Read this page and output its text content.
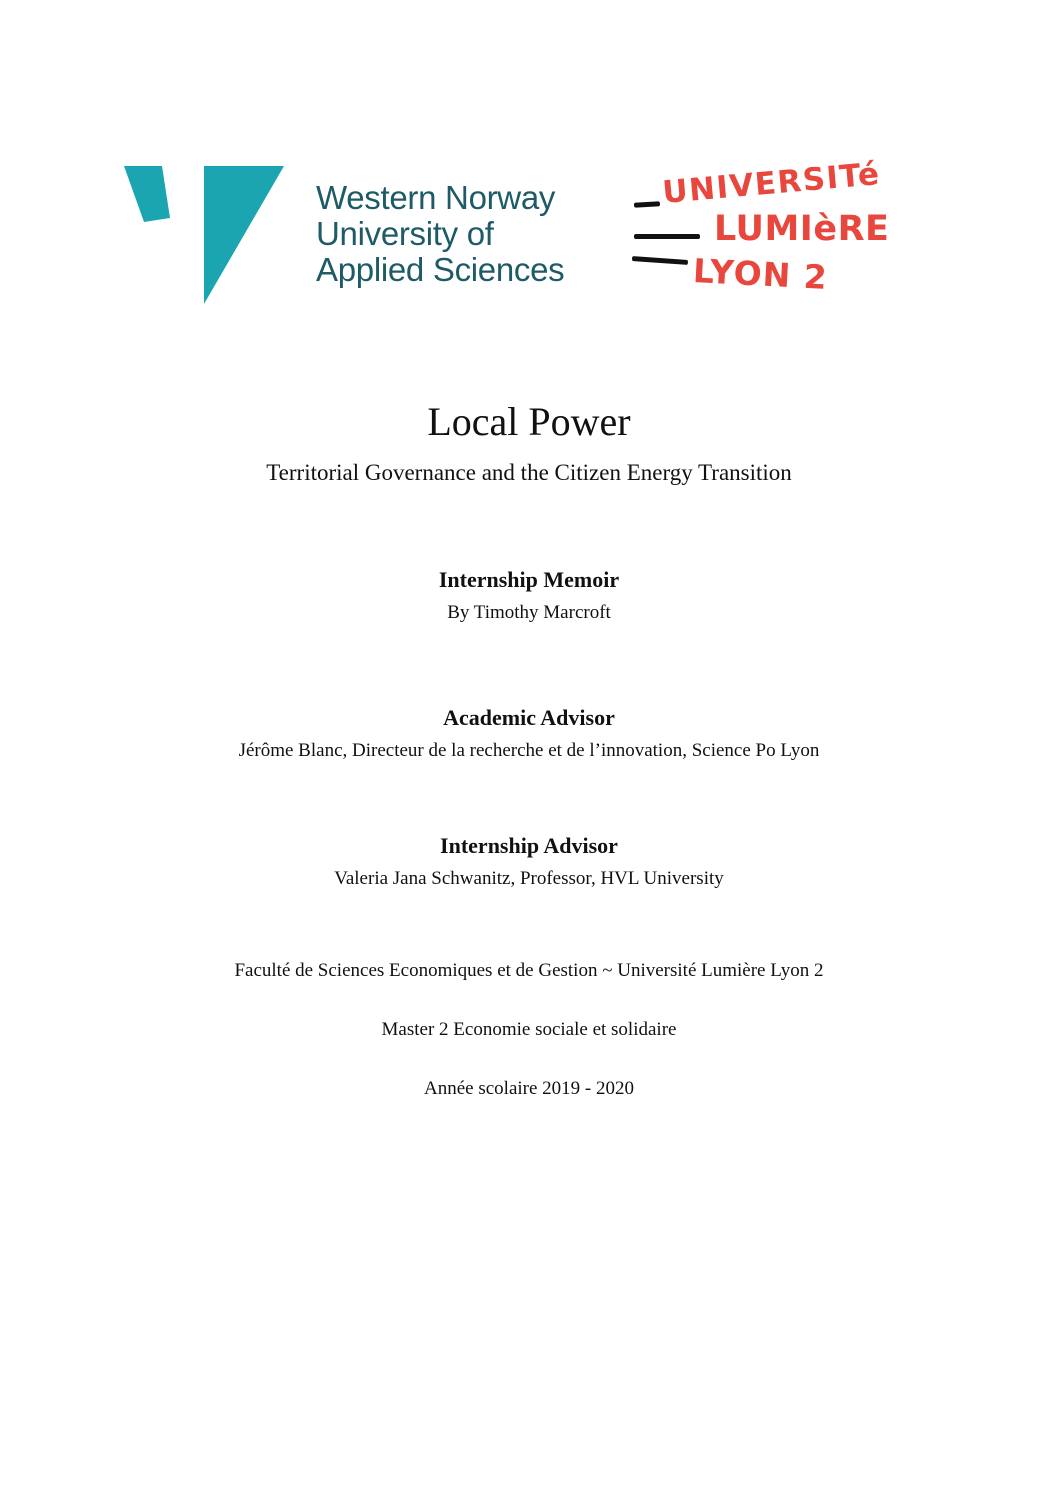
Western Norway
University of
Applied Sciences
UNIVERSITé
LUMIèRE
LYON 2
Local Power
Territorial Governance and the Citizen Energy Transition
Internship Memoir
By Timothy Marcroft
Academic Advisor
Jérôme Blanc, Directeur de la recherche et de l’innovation, Science Po Lyon
Internship Advisor
Valeria Jana Schwanitz, Professor, HVL University
Faculté de Sciences Economiques et de Gestion ~ Université Lumière Lyon 2
Master 2 Economie sociale et solidaire
Année scolaire 2019 - 2020
